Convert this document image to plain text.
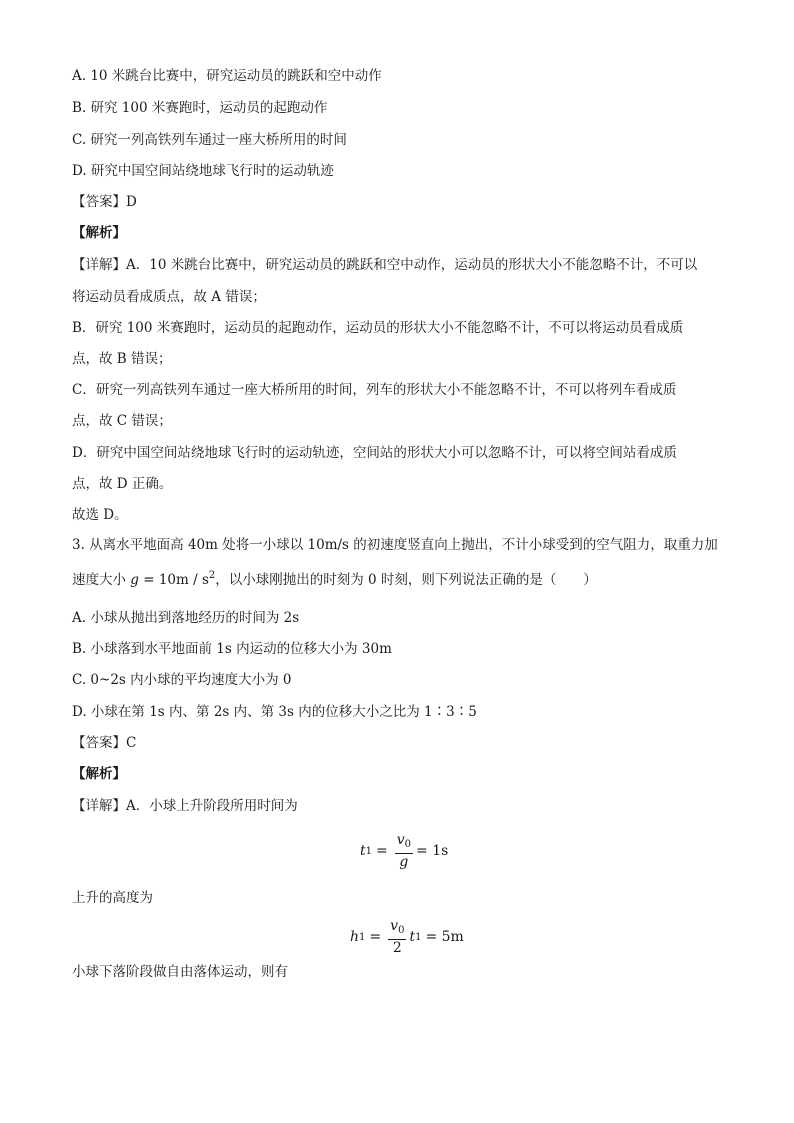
A. 10 米跳台比赛中，研究运动员的跳跃和空中动作
B. 研究 100 米赛跑时，运动员的起跑动作
C. 研究一列高铁列车通过一座大桥所用的时间
D. 研究中国空间站绕地球飞行时的运动轨迹
【答案】D
【解析】
【详解】A．10 米跳台比赛中，研究运动员的跳跃和空中动作，运动员的形状大小不能忽略不计，不可以
将运动员看成质点，故 A 错误；
B．研究 100 米赛跑时，运动员的起跑动作，运动员的形状大小不能忽略不计，不可以将运动员看成质
点，故 B 错误；
C．研究一列高铁列车通过一座大桥所用的时间，列车的形状大小不能忽略不计，不可以将列车看成质
点，故 C 错误；
D．研究中国空间站绕地球飞行时的运动轨迹，空间站的形状大小可以忽略不计，可以将空间站看成质
点，故 D 正确。
故选 D。
3. 从离水平地面高 40m 处将一小球以 10m/s 的初速度竖直向上抛出，不计小球受到的空气阻力，取重力加
速度大小 $g = 10m / s^2$，以小球刚抛出的时刻为 0 时刻，则下列说法正确的是（　　）
A. 小球从抛出到落地经历的时间为 2s
B. 小球落到水平地面前 1s 内运动的位移大小为 30m
C. 0~2s 内小球的平均速度大小为 0
D. 小球在第 1s 内、第 2s 内、第 3s 内的位移大小之比为 1∶3∶5
【答案】C
【解析】
【详解】A．小球上升阶段所用时间为
t $1 = \frac{v_0}{g} = 1s$
上升的高度为
h $1 = \frac{v_0}{2}$ t 1 = 5m
小球下落阶段做自由落体运动，则有
